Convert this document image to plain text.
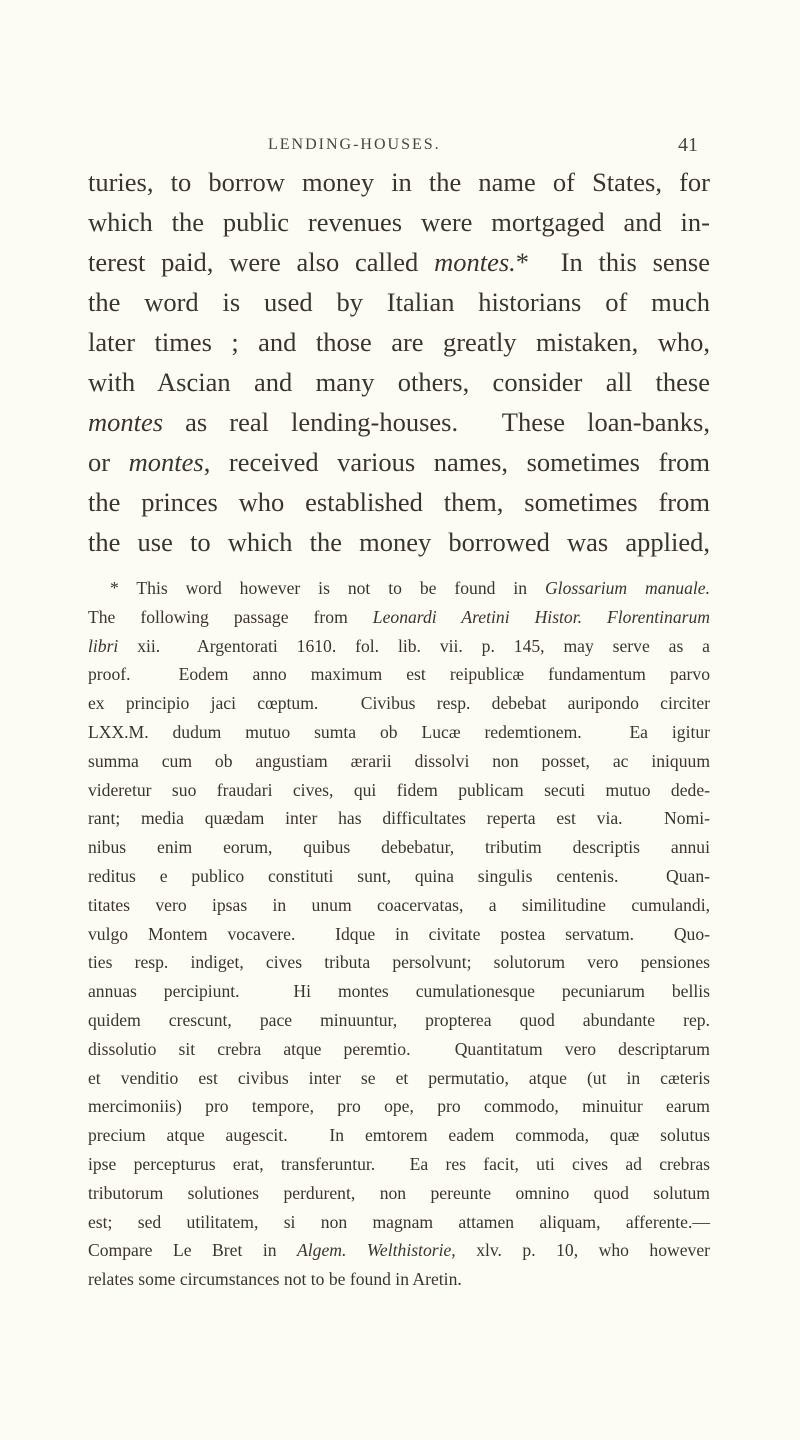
LENDING-HOUSES.	41
turies, to borrow money in the name of States, for
which the public revenues were mortgaged and in-
terest paid, were also called montes.*  In this sense
the word is used by Italian historians of much
later times ; and those are greatly mistaken, who,
with Ascian and many others, consider all these
montes as real lending-houses.  These loan-banks,
or montes, received various names, sometimes from
the princes who established them, sometimes from
the use to which the money borrowed was applied,
* This word however is not to be found in Glossarium manuale.
The following passage from Leonardi Aretini Histor. Florentinarum
libri xii.  Argentorati 1610. fol. lib. vii. p. 145, may serve as a
proof.  Eodem anno maximum est reipublicæ fundamentum parvo
ex principio jaci cœptum.  Civibus resp. debebat auripondo circiter
LXX.M. dudum mutuo sumta ob Lucæ redemtionem.  Ea igitur
summa cum ob angustiam ærarii dissolvi non posset, ac iniquum
videretur suo fraudari cives, qui fidem publicam secuti mutuo dede-
rant; media quædam inter has difficultates reperta est via.  Nomi-
nibus enim eorum, quibus debebatur, tributim descriptis annui
reditus e publico constituti sunt, quina singulis centenis.  Quan-
titates vero ipsas in unum coacervatas, a similitudine cumulandi,
vulgo Montem vocavere.  Idque in civitate postea servatum.  Quo-
ties resp. indiget, cives tributa persolvunt; solutorum vero pensiones
annuas percipiunt.  Hi montes cumulationesque pecuniarum bellis
quidem crescunt, pace minuuntur, propterea quod abundante rep.
dissolutio sit crebra atque peremtio.  Quantitatum vero descriptarum
et venditio est civibus inter se et permutatio, atque (ut in cæteris
mercimoniis) pro tempore, pro ope, pro commodo, minuitur earum
precium atque augescit.  In emtorem eadem commoda, quæ solutus
ipse percepturus erat, transferuntur.  Ea res facit, uti cives ad crebras
tributorum solutiones perdurent, non pereunte omnino quod solutum
est; sed utilitatem, si non magnam attamen aliquam, afferente.—
Compare Le Bret in Algem. Welthistorie, xlv. p. 10, who however
relates some circumstances not to be found in Aretin.
